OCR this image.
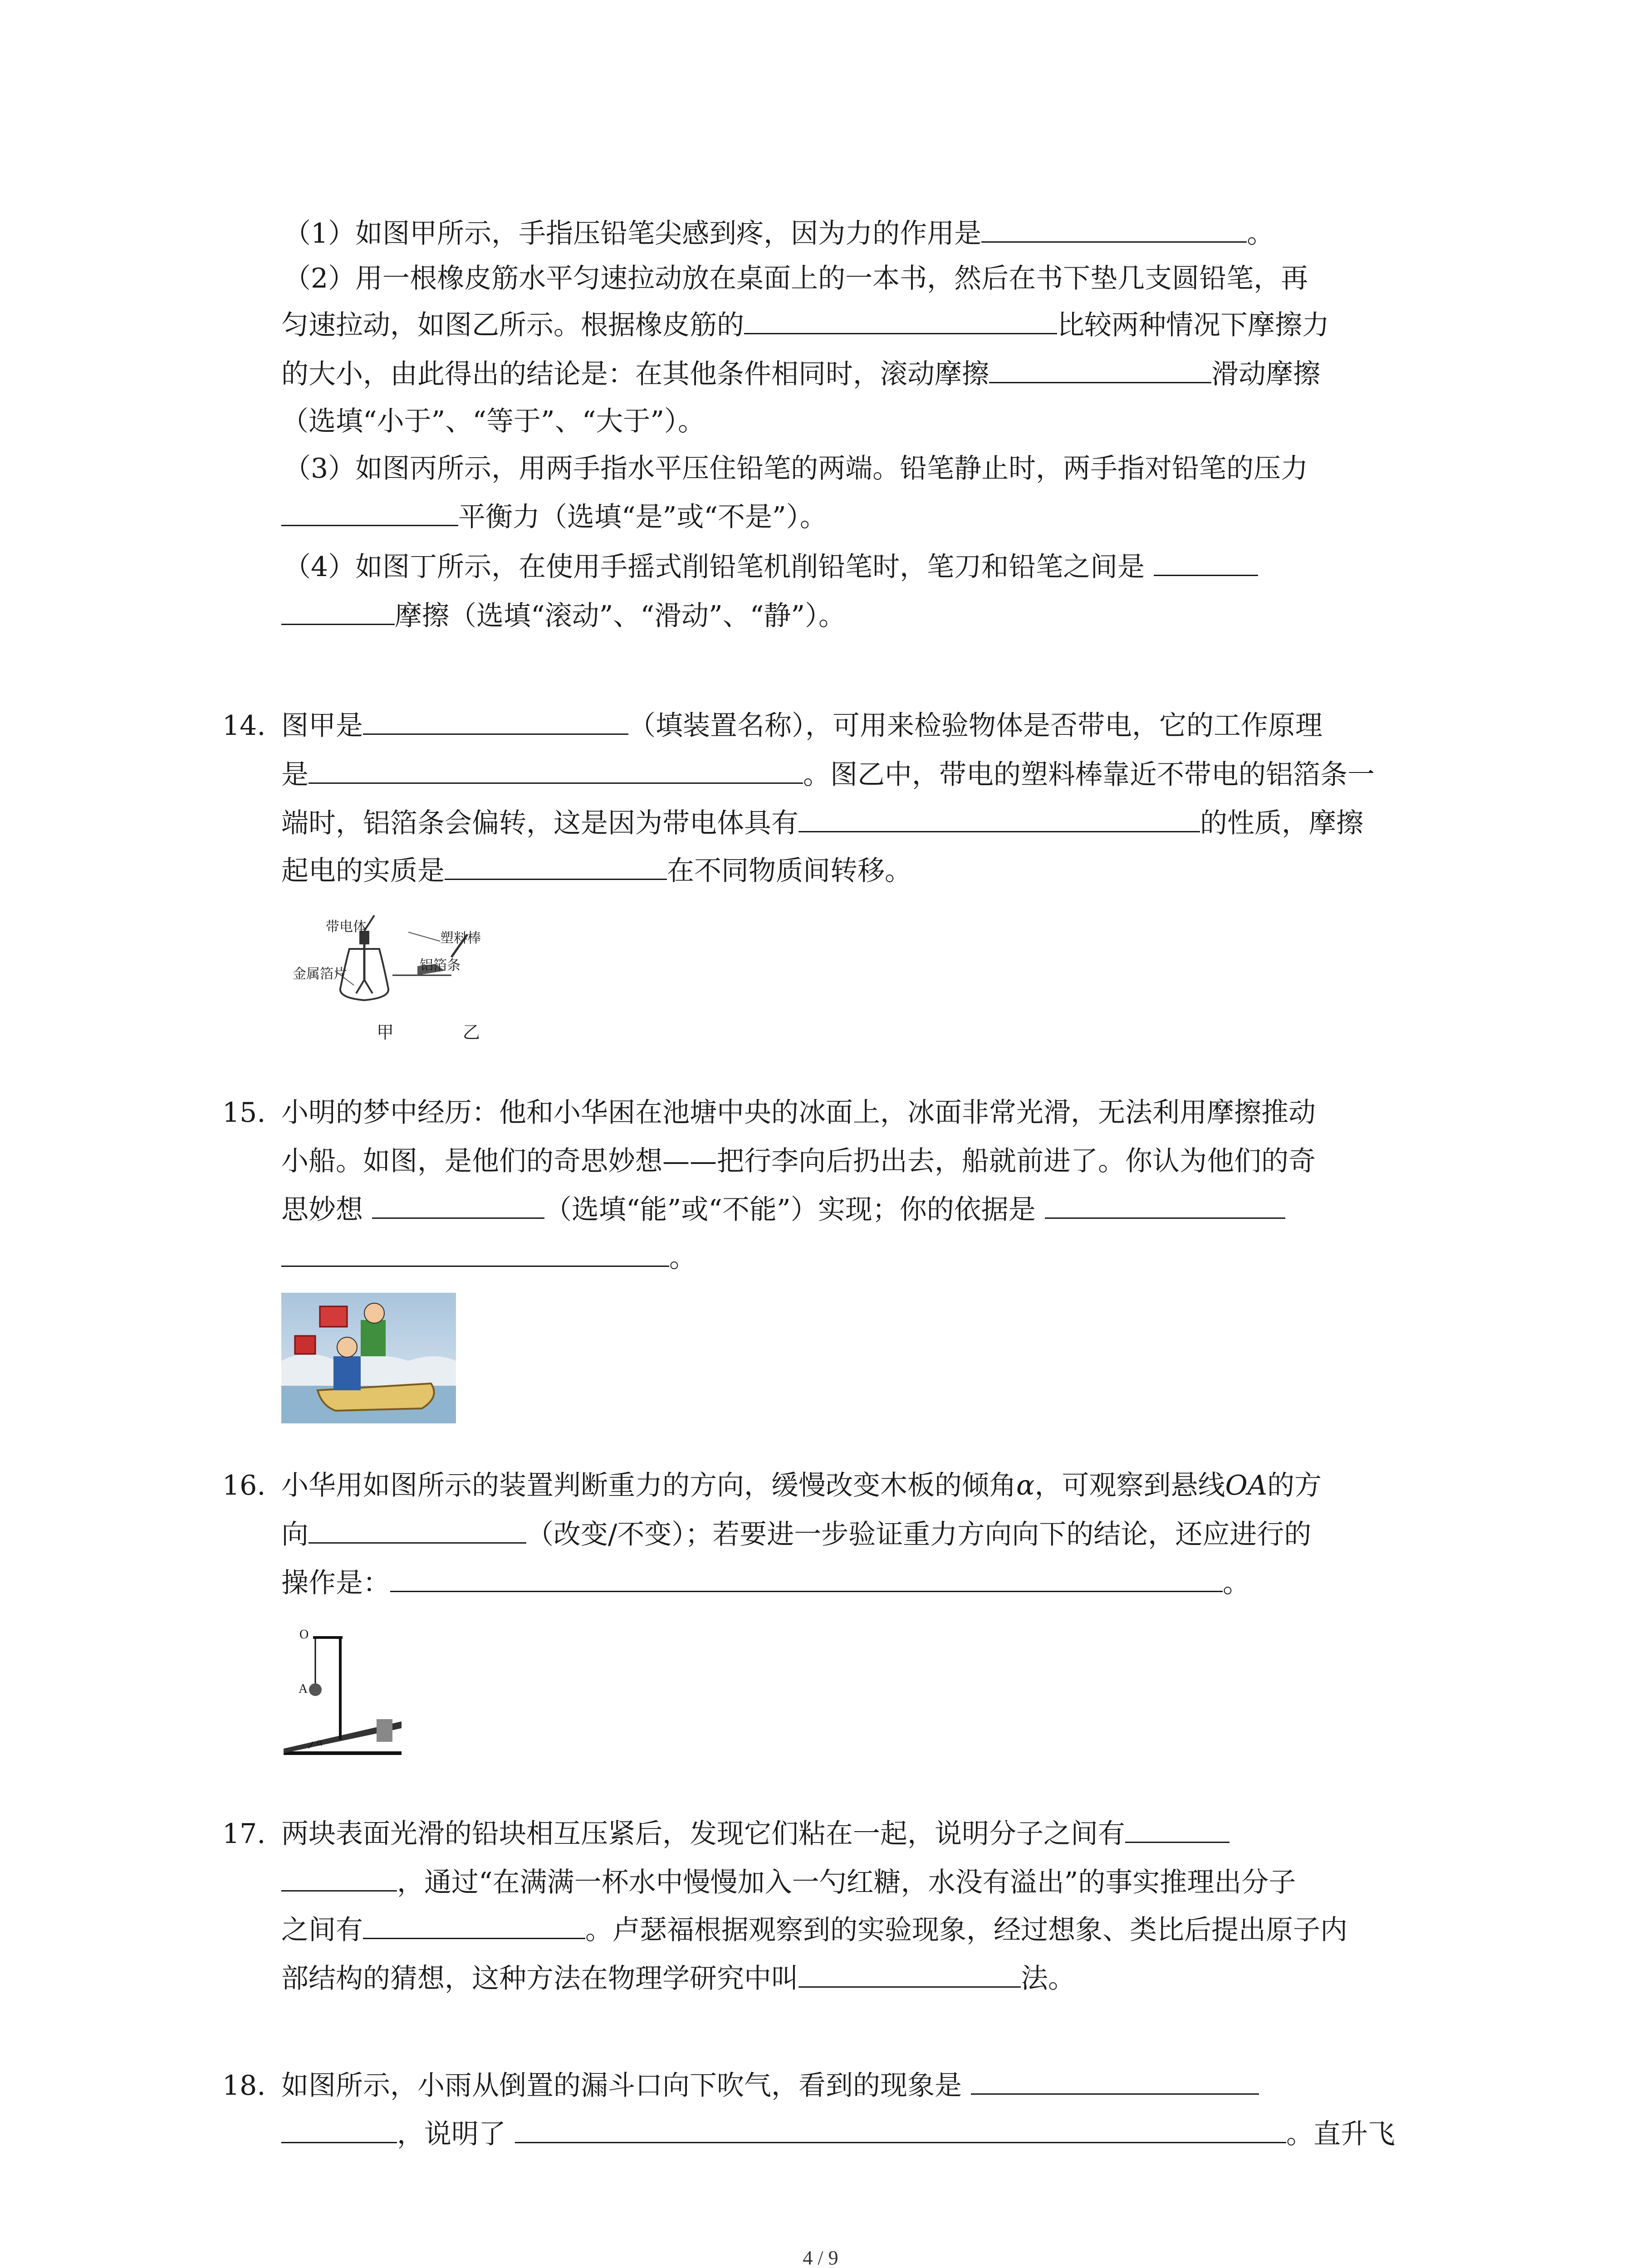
（1）如图甲所示，手指压铅笔尖感到疼，因为力的作用是	。
（2）用一根橡皮筋水平匀速拉动放在桌面上的一本书，然后在书下垫几支圆铅笔，再
匀速拉动，如图乙所示。根据橡皮筋的	比较两种情况下摩擦力
的大小，由此得出的结论是：在其他条件相同时，滚动摩擦	滑动摩擦
（选填“小于”、“等于”、“大于”）。
（3）如图丙所示，用两手指水平压住铅笔的两端。铅笔静止时，两手指对铅笔的压力
平衡力（选填“是”或“不是”）。
（4）如图丁所示，在使用手摇式削铅笔机削铅笔时，笔刀和铅笔之间是
摩擦（选填“滚动”、“滑动”、“静”）。
14. 图甲是	（填装置名称），可用来检验物体是否带电，它的工作原理
是	。图乙中，带电的塑料棒靠近不带电的铝箔条一
端时，铝箔条会偏转，这是因为带电体具有	的性质，摩擦
起电的实质是	在不同物质间转移。
带电体
金属箔片
塑料棒
铝箔条
甲	乙
15. 小明的梦中经历：他和小华困在池塘中央的冰面上，冰面非常光滑，无法利用摩擦推动
小船。如图，是他们的奇思妙想——把行李向后扔出去，船就前进了。你认为他们的奇
思妙想	（选填“能”或“不能”）实现；你的依据是
。
16. 小华用如图所示的装置判断重力的方向，缓慢改变木板的倾角α，可观察到悬线OA的方
向	（改变/不变）；若要进一步验证重力方向向下的结论，还应进行的
操作是：	。
O
A
α
17. 两块表面光滑的铅块相互压紧后，发现它们粘在一起，说明分子之间有
，通过“在满满一杯水中慢慢加入一勺红糖，水没有溢出”的事实推理出分子
之间有	。卢瑟福根据观察到的实验现象，经过想象、类比后提出原子内
部结构的猜想，这种方法在物理学研究中叫	法。
18. 如图所示，小雨从倒置的漏斗口向下吹气，看到的现象是
，说明了	。直升飞
4 / 9
